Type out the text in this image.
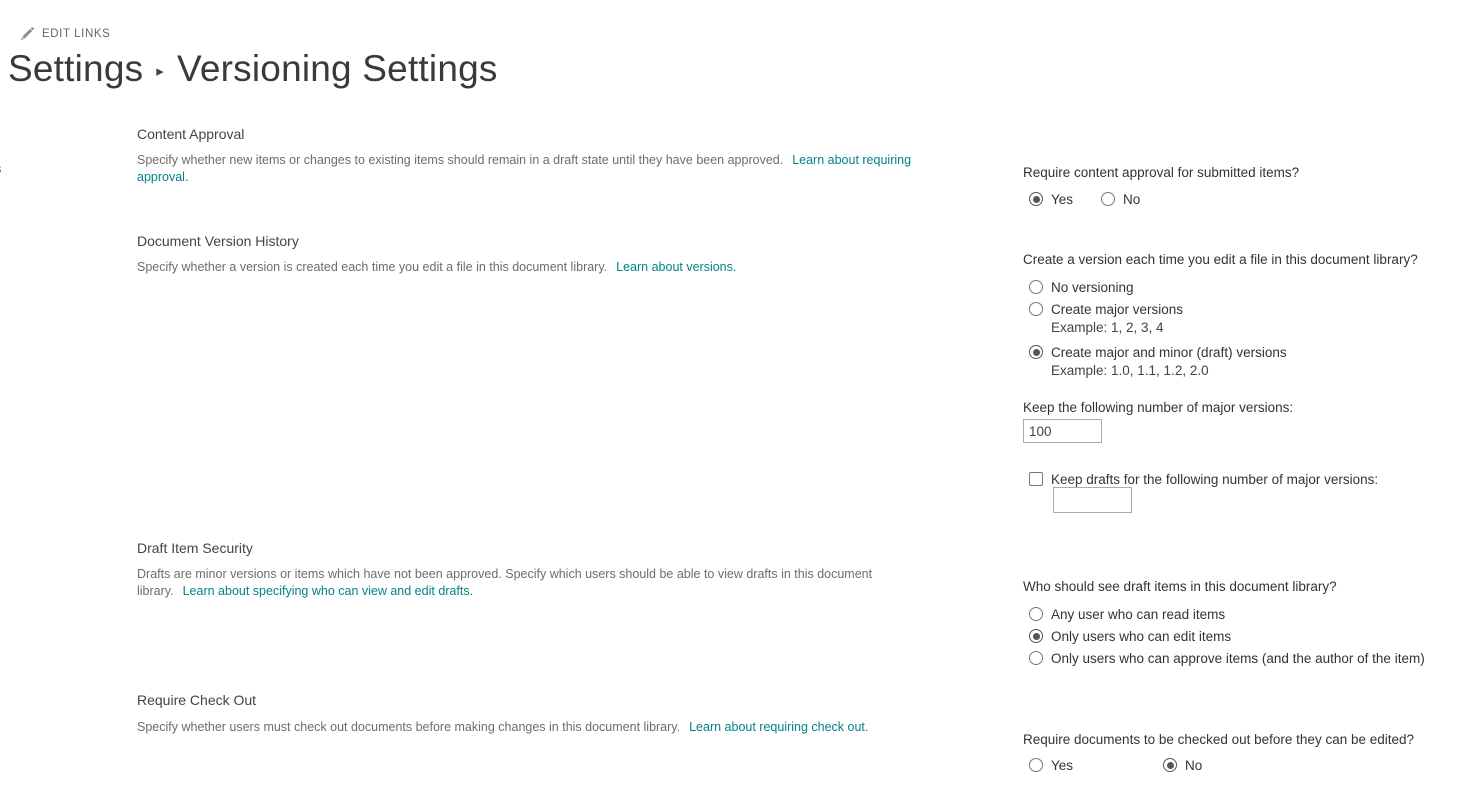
EDIT LINKS
Settings ▸ Versioning Settings
Content Approval
Specify whether new items or changes to existing items should remain in a draft state until they have been approved. Learn about requiring approval.
Document Version History
Specify whether a version is created each time you edit a file in this document library. Learn about versions.
Draft Item Security
Drafts are minor versions or items which have not been approved. Specify which users should be able to view drafts in this document library. Learn about specifying who can view and edit drafts.
Require Check Out
Specify whether users must check out documents before making changes in this document library. Learn about requiring check out.
Require content approval for submitted items?
Yes	No
Create a version each time you edit a file in this document library?
No versioning
Create major versions
Example: 1, 2, 3, 4
Create major and minor (draft) versions
Example: 1.0, 1.1, 1.2, 2.0
Keep the following number of major versions:
100
Keep drafts for the following number of major versions:
Who should see draft items in this document library?
Any user who can read items
Only users who can edit items
Only users who can approve items (and the author of the item)
Require documents to be checked out before they can be edited?
Yes	No
